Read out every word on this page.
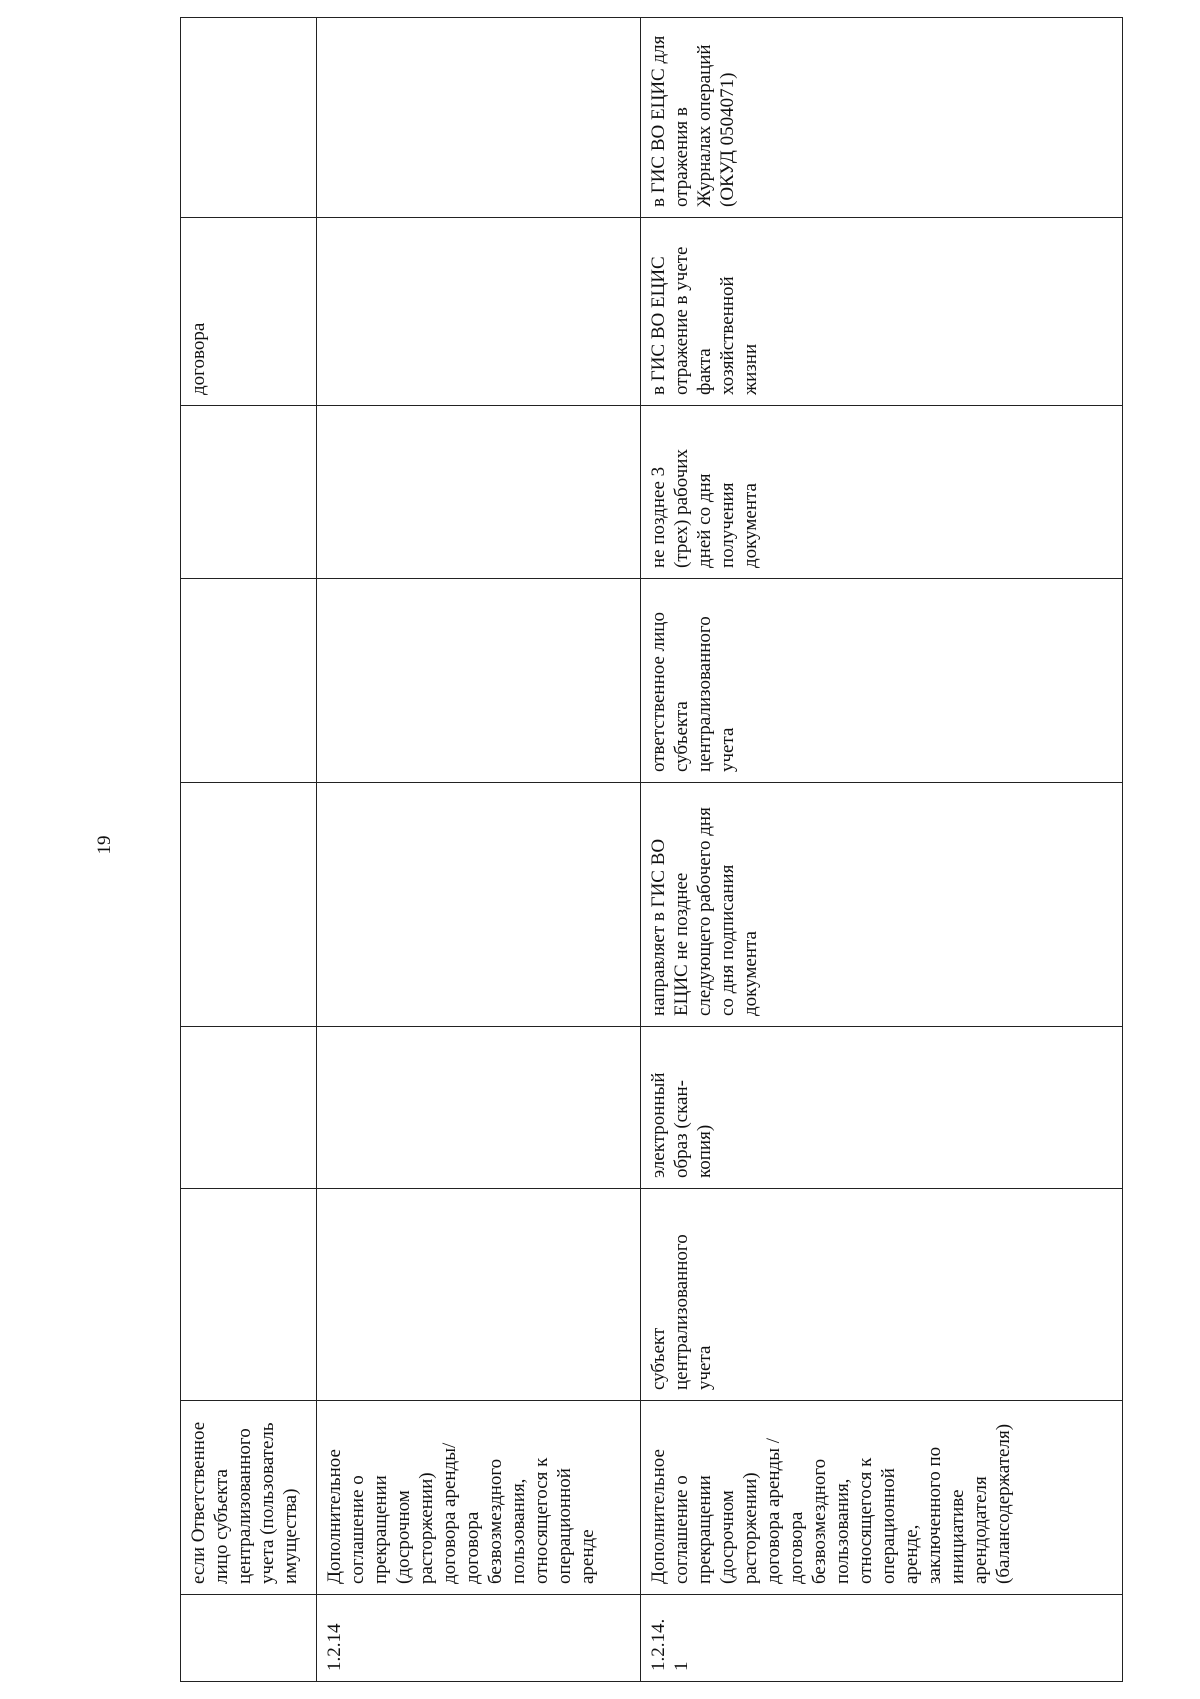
19
	если Ответственное лицо субъекта централизованного учета (пользователь имущества)						договора	
1.2.14	Дополнительное соглашение о прекращении (досрочном расторжении) договора аренды/ договора безвозмездного пользования, относящегося к операционной аренде							
1.2.14. 1	Дополнительное соглашение о прекращении (досрочном расторжении) договора аренды / договора безвозмездного пользования, относящегося к операционной аренде, заключенного по инициативе арендодателя (балансодержателя)	субъект централизованного учета	электронный образ (скан-копия)	направляет в ГИС ВО ЕЦИС не позднее следующего рабочего дня со дня подписания документа	ответственное лицо субъекта централизованного учета	не позднее 3 (трех) рабочих дней со дня получения документа	в ГИС ВО ЕЦИС отражение в учете факта хозяйственной жизни	в ГИС ВО ЕЦИС для отражения в Журналах операций (ОКУД 0504071)
